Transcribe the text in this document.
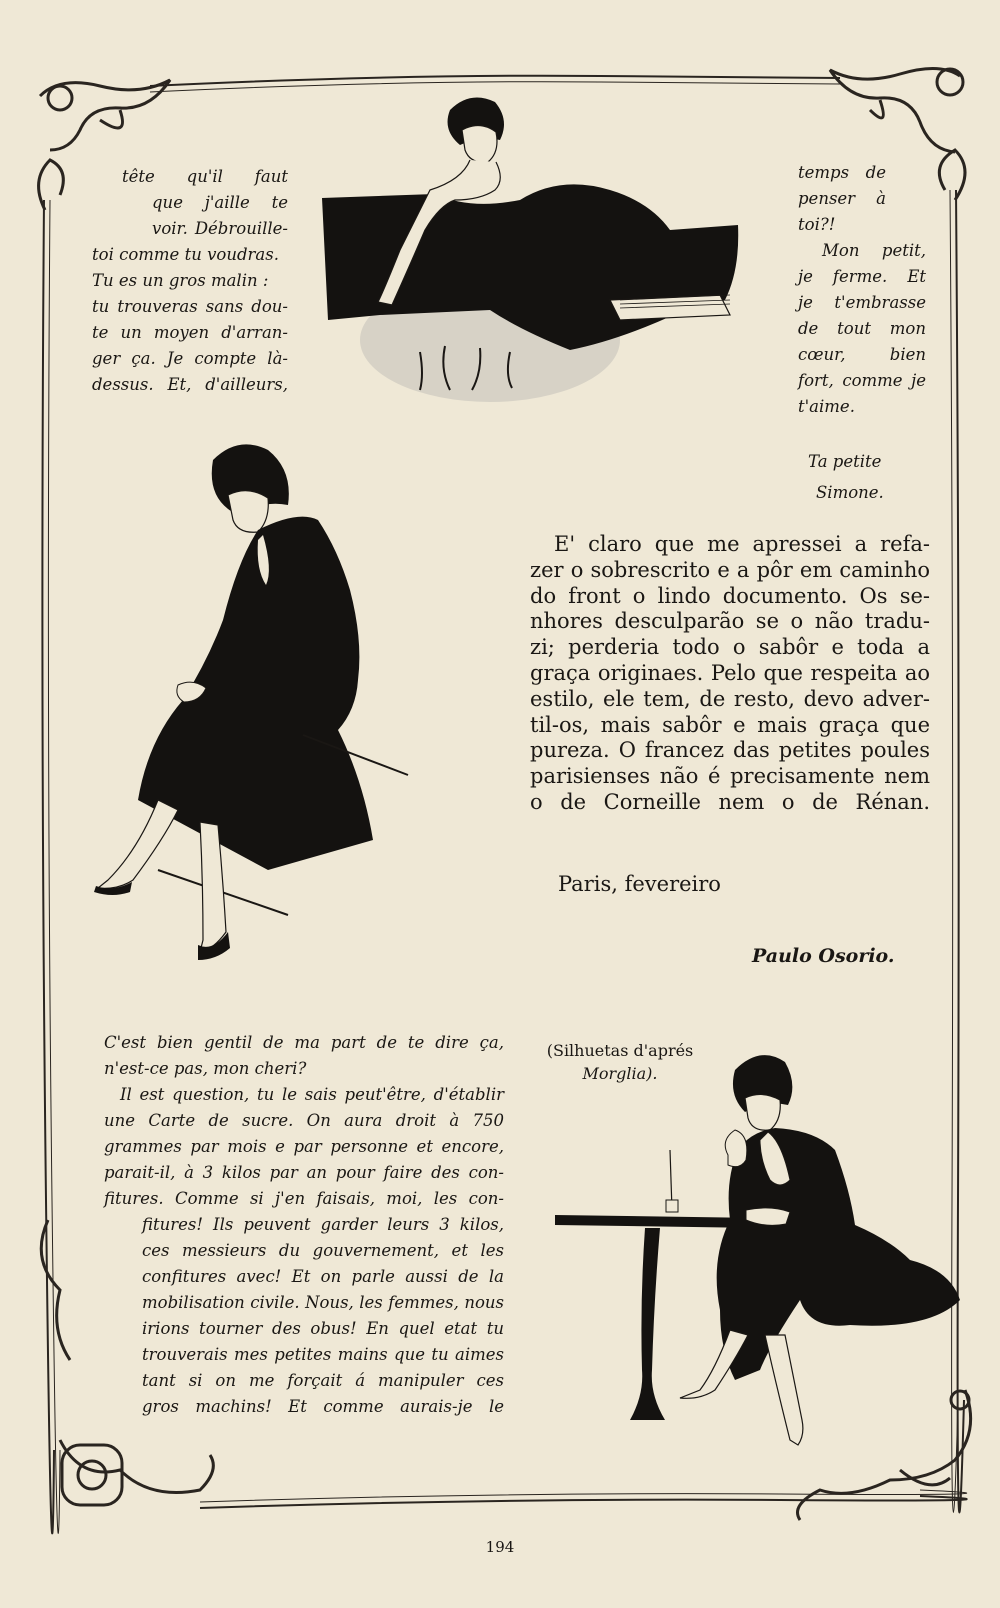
tête qu'il faut
que j'aille te
voir. Débrouille-
toi comme tu voudras.
Tu es un gros malin :
tu trouveras sans dou-
te un moyen d'arran-
ger ça. Je compte là-
dessus. Et, d'ailleurs,
temps de
penser à
toi?!
Mon petit,
je ferme. Et
je t'embrasse
de tout mon
cœur, bien
fort, comme je
t'aime.
Ta petite
Simone.
E' claro que me apressei a refa-
zer o sobrescrito e a pôr em caminho
do front o lindo documento. Os se-
nhores desculparão se o não tradu-
zi; perderia todo o sabôr e toda a
graça originaes. Pelo que respeita ao
estilo, ele tem, de resto, devo adver-
til-os, mais sabôr e mais graça que
pureza. O francez das petites poules
parisienses não é precisamente nem
o de Corneille nem o de Rénan.
Paris, fevereiro
Paulo Osorio.
C'est bien gentil de ma part de te dire ça,
n'est-ce pas, mon cheri?
Il est question, tu le sais peut'être, d'établir
une Carte de sucre. On aura droit à 750
grammes par mois e par personne et encore,
parait-il, à 3 kilos par an pour faire des con-
fitures. Comme si j'en faisais, moi, les con-
fitures! Ils peuvent garder leurs 3 kilos,
ces messieurs du gouvernement, et les
confitures avec! Et on parle aussi de la
mobilisation civile. Nous, les femmes, nous
irions tourner des obus! En quel etat tu
trouverais mes petites mains que tu aimes
tant si on me forçait á manipuler ces
gros machins! Et comme aurais-je le
(Silhuetas d'aprés
Morglia).
194
